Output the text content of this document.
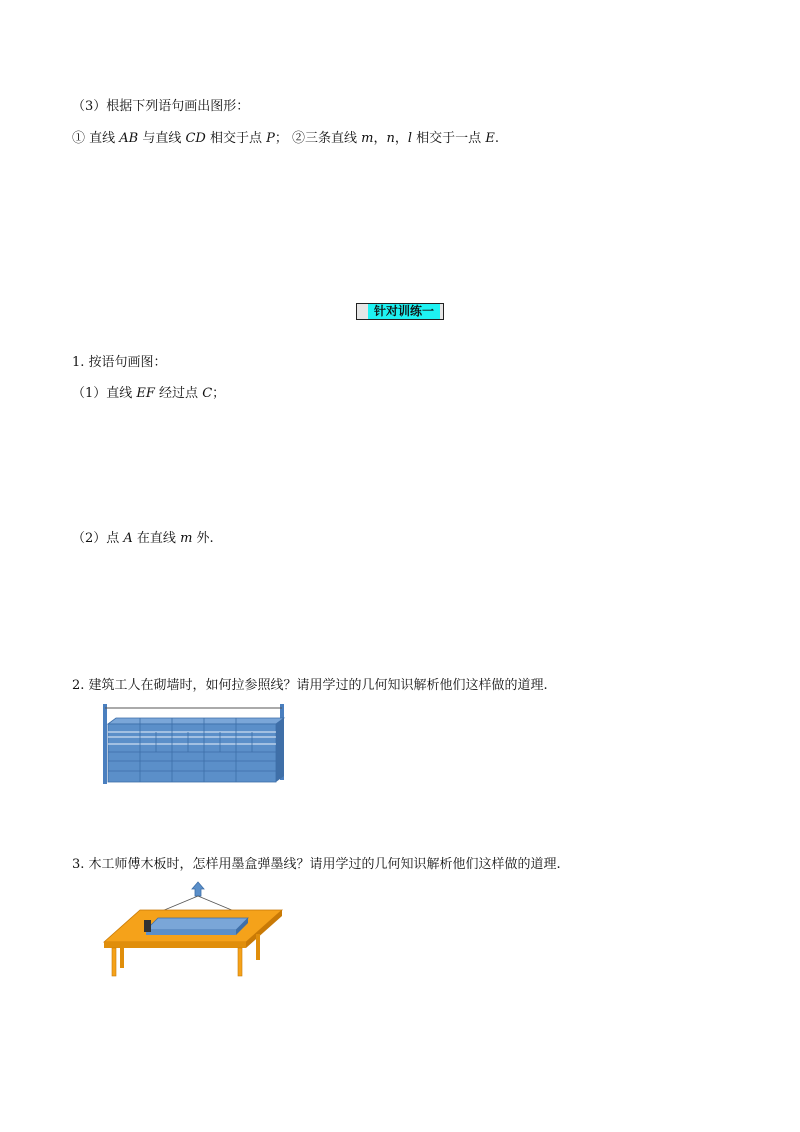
（3）根据下列语句画出图形：
① 直线 AB 与直线 CD 相交于点 P； ②三条直线 m，n，l 相交于一点 E.
针对训练一
1. 按语句画图：
（1）直线 EF 经过点 C；
（2）点 A 在直线 m 外.
2. 建筑工人在砌墙时，如何拉参照线？请用学过的几何知识解析他们这样做的道理.
3. 木工师傅木板时，怎样用墨盒弹墨线？请用学过的几何知识解析他们这样做的道理.
